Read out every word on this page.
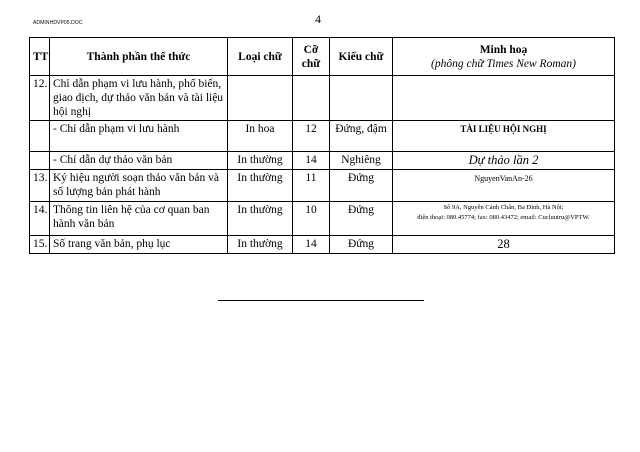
ADMINHDVP05.DOC	4
TT	Thành phần thể thức	Loại chữ	Cỡ chữ	Kiểu chữ	Minh hoạ
(phông chữ Times New Roman)

12.	Chỉ dẫn phạm vi lưu hành, phổ biến, giao dịch, dự thảo văn bản và tài liệu hội nghị				
	- Chỉ dẫn phạm vi lưu hành	In hoa	12	Đứng, đậm	TÀI LIỆU HỘI NGHỊ
	- Chỉ dẫn dự thảo văn bản	In thường	14	Nghiêng	Dự thảo lần 2
13.	Ký hiệu người soạn thảo văn bản và số lượng bản phát hành	In thường	11	Đứng	NguyenVanAn-26
14.	Thông tin liên hệ của cơ quan ban hành văn bản	In thường	10	Đứng	Số 9A, Nguyễn Cảnh Chân, Ba Đình, Hà Nội;
điện thoại: 080.45774; fax: 080.43472; email: Cucluutru@VPTW.

15.	Số trang văn bản, phụ lục	In thường	14	Đứng	28
